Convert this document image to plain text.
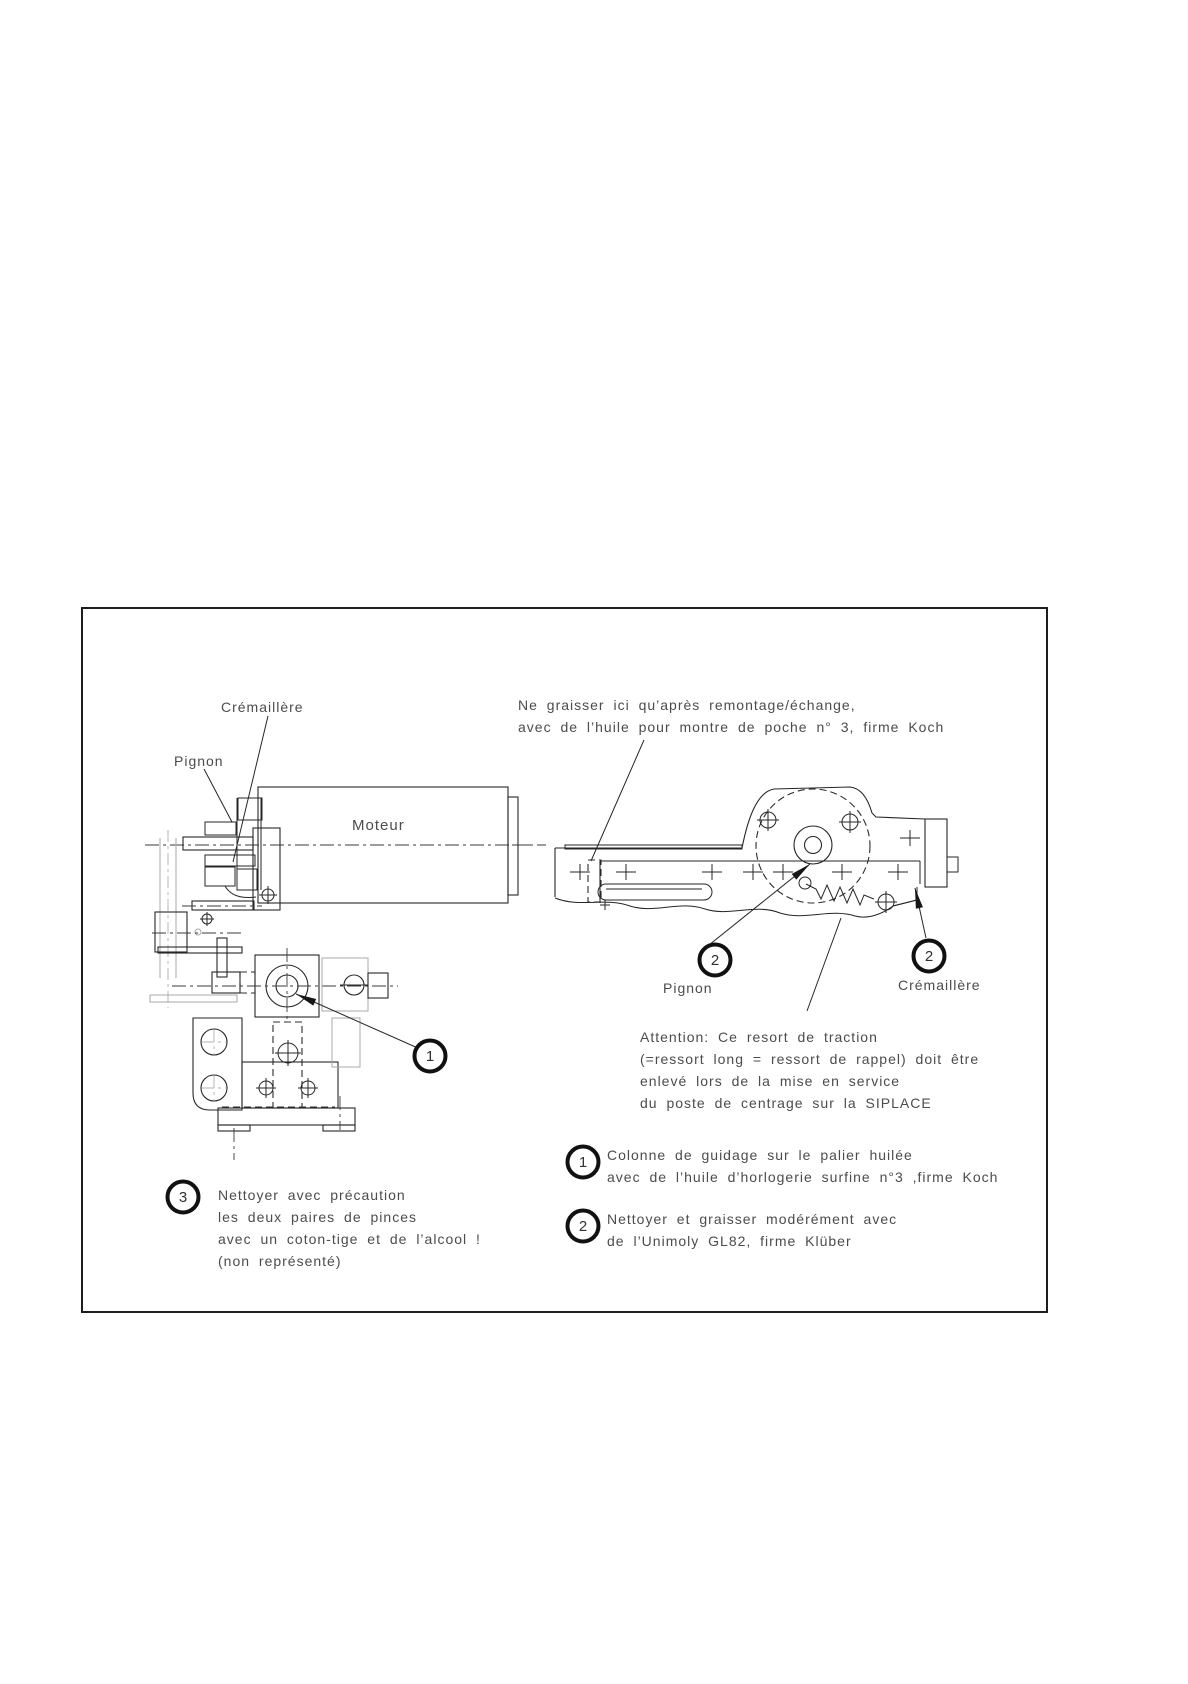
Crémaillère
Pignon
Moteur
1
Ne graisser ici qu’après remontage/échange,
avec de l’huile pour montre de poche n° 3, firme Koch
2
Pignon
2
Crémaillère
Attention: Ce resort de traction
(=ressort long = ressort de rappel) doit être
enlevé lors de la mise en service
du poste de centrage sur la SIPLACE
1 Colonne de guidage sur le palier huilée
avec de l’huile d’horlogerie surfine n°3 ,firme Koch
2 Nettoyer et graisser modérément avec
de l’Unimoly GL82, firme Klüber
3 Nettoyer avec précaution
les deux paires de pinces
avec un coton-tige et de l’alcool !
(non représenté)
